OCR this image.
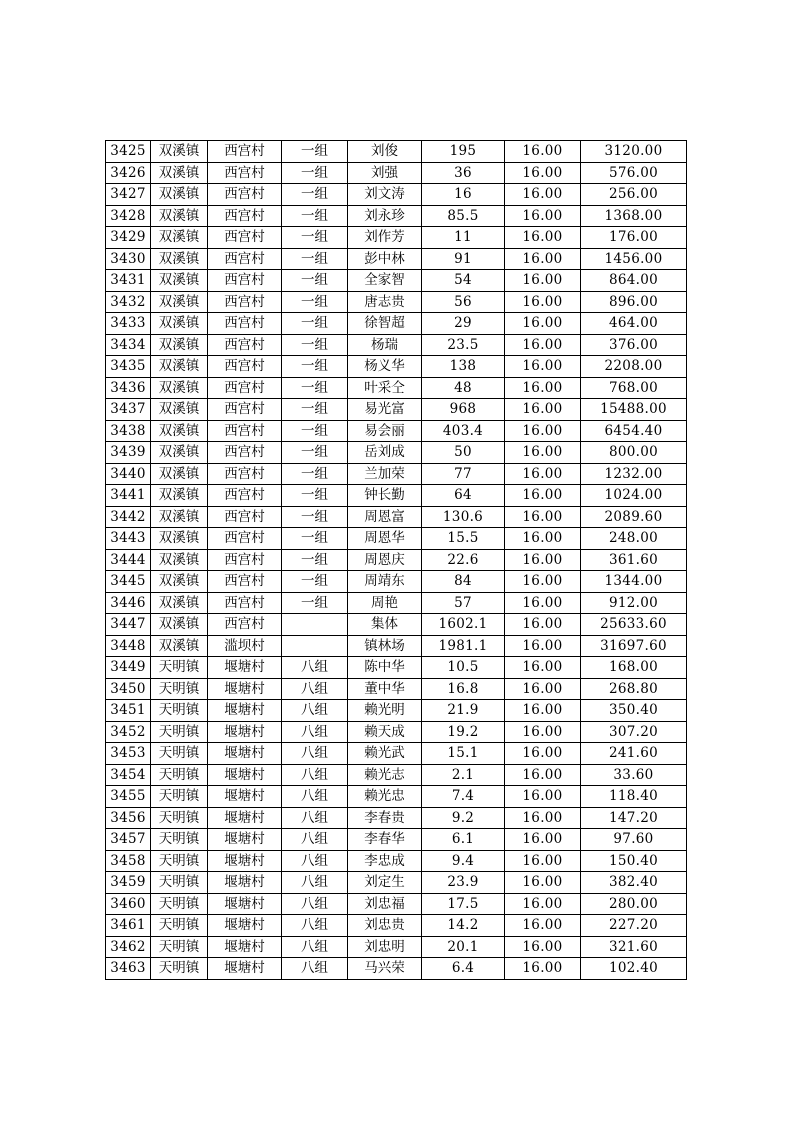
3425	双溪镇	西宫村	一组	刘俊	195	16.00	3120.00
3426	双溪镇	西宫村	一组	刘强	36	16.00	576.00
3427	双溪镇	西宫村	一组	刘文涛	16	16.00	256.00
3428	双溪镇	西宫村	一组	刘永珍	85.5	16.00	1368.00
3429	双溪镇	西宫村	一组	刘作芳	11	16.00	176.00
3430	双溪镇	西宫村	一组	彭中林	91	16.00	1456.00
3431	双溪镇	西宫村	一组	全家智	54	16.00	864.00
3432	双溪镇	西宫村	一组	唐志贵	56	16.00	896.00
3433	双溪镇	西宫村	一组	徐智超	29	16.00	464.00
3434	双溪镇	西宫村	一组	杨瑞	23.5	16.00	376.00
3435	双溪镇	西宫村	一组	杨义华	138	16.00	2208.00
3436	双溪镇	西宫村	一组	叶采仝	48	16.00	768.00
3437	双溪镇	西宫村	一组	易光富	968	16.00	15488.00
3438	双溪镇	西宫村	一组	易会丽	403.4	16.00	6454.40
3439	双溪镇	西宫村	一组	岳刘成	50	16.00	800.00
3440	双溪镇	西宫村	一组	兰加荣	77	16.00	1232.00
3441	双溪镇	西宫村	一组	钟长勤	64	16.00	1024.00
3442	双溪镇	西宫村	一组	周恩富	130.6	16.00	2089.60
3443	双溪镇	西宫村	一组	周恩华	15.5	16.00	248.00
3444	双溪镇	西宫村	一组	周恩庆	22.6	16.00	361.60
3445	双溪镇	西宫村	一组	周靖东	84	16.00	1344.00
3446	双溪镇	西宫村	一组	周艳	57	16.00	912.00
3447	双溪镇	西宫村		集体	1602.1	16.00	25633.60
3448	双溪镇	滥坝村		镇林场	1981.1	16.00	31697.60
3449	天明镇	堰塘村	八组	陈中华	10.5	16.00	168.00
3450	天明镇	堰塘村	八组	董中华	16.8	16.00	268.80
3451	天明镇	堰塘村	八组	赖光明	21.9	16.00	350.40
3452	天明镇	堰塘村	八组	赖天成	19.2	16.00	307.20
3453	天明镇	堰塘村	八组	赖光武	15.1	16.00	241.60
3454	天明镇	堰塘村	八组	赖光志	2.1	16.00	33.60
3455	天明镇	堰塘村	八组	赖光忠	7.4	16.00	118.40
3456	天明镇	堰塘村	八组	李春贵	9.2	16.00	147.20
3457	天明镇	堰塘村	八组	李春华	6.1	16.00	97.60
3458	天明镇	堰塘村	八组	李忠成	9.4	16.00	150.40
3459	天明镇	堰塘村	八组	刘定生	23.9	16.00	382.40
3460	天明镇	堰塘村	八组	刘忠福	17.5	16.00	280.00
3461	天明镇	堰塘村	八组	刘忠贵	14.2	16.00	227.20
3462	天明镇	堰塘村	八组	刘忠明	20.1	16.00	321.60
3463	天明镇	堰塘村	八组	马兴荣	6.4	16.00	102.40
